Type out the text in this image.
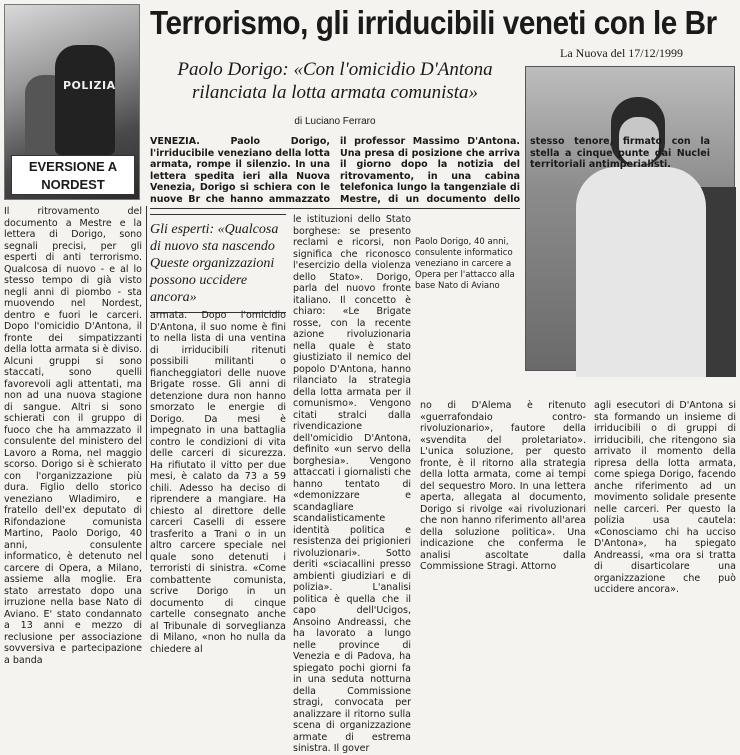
POLIZIA
EVERSIONE A NORDEST
Terrorismo, gli irriducibili veneti con le Br
La Nuova del 17/12/1999
Paolo Dorigo: «Con l'omicidio D'Antona rilanciata la lotta armata comunista»
di Luciano Ferraro
VENEZIA. Paolo Dorigo, l'irriducibile veneziano della lotta armata, rompe il silenzio. In una lettera spedita ieri alla Nuova Venezia, Dorigo si schiera con le nuove Br che hanno ammazzato il professor Massimo D'Antona. Una presa di posizione che arriva il giorno dopo la notizia del ritrovamento, in una cabina telefonica lungo la tangenziale di Mestre, di un documento dello
Il ritrovamento del documento a Mestre e la lettera di Dorigo, sono segnali precisi, per gli esperti di anti terrorismo. Qualcosa di nuovo - e al lo stesso tempo di già visto negli anni di piombo - sta muovendo nel Nordest, dentro e fuori le carceri. Dopo l'omicidio D'Antona, il fronte dei simpatizzanti della lotta armata si è diviso. Alcuni gruppi si sono staccati, sono quelli favorevoli agli attentati, ma non ad una nuova stagione di sangue. Altri si sono schierati con il gruppo di fuoco che ha ammazzato il consulente del ministero del Lavoro a Roma, nel maggio scorso. Dorigo si è schierato con l'organizzazione più dura. Figlio dello storico veneziano Wladimiro, e fratello dell'ex deputato di Rifondazione comunista Martino, Paolo Dorigo, 40 anni, consulente informatico, è detenuto nel carcere di Opera, a Milano, assieme alla moglie. Era stato arrestato dopo una irruzione nella base Nato di Aviano. E' stato condannato a 13 anni e mezzo di reclusione per associazione sovversiva e partecipazione a banda
Gli esperti: «Qualcosa di nuovo sta nascendo Queste organizzazioni possono uccidere ancora»
armata. Dopo l'omicidio D'Antona, il suo nome è fini to nella lista di una ventina di irriducibili ritenuti possibili militanti o fiancheggiatori delle nuove Brigate rosse. Gli anni di detenzione dura non hanno smorzato le energie di Dorigo. Da mesi è impegnato in una battaglia contro le condizioni di vita delle carceri di sicurezza. Ha rifiutato il vitto per due mesi, è calato da 73 a 59 chili. Adesso ha deciso di riprendere a mangiare. Ha chiesto al direttore delle carceri Caselli di essere trasferito a Trani o in un altro carcere speciale nel quale sono detenuti i terroristi di sinistra. «Come combattente comunista, scrive Dorigo in un documento di cinque cartelle consegnato anche al Tribunale di sorveglianza di Milano, «non ho nulla da chiedere al
le istituzioni dello Stato borghese: se presento reclami e ricorsi, non significa che riconosco l'esercizio della violenza dello Stato». Dorigo, parla del nuovo fronte italiano. Il concetto è chiaro: «Le Brigate rosse, con la recente azione rivoluzionaria nella quale è stato giustiziato il nemico del popolo D'Antona, hanno rilanciato la strategia della lotta armata per il comunismo». Vengono citati stralci dalla rivendicazione dell'omicidio D'Antona, definito «un servo della borghesia». Vengono attaccati i giornalisti che hanno tentato di «demonizzare e scandagliare scandalisticamente identità politica e resistenza dei prigionieri rivoluzionari». Sotto deriti «sciacallini presso ambienti giudiziari e di polizia». L'analisi politica è quella che il capo dell'Ucigos, Ansoino Andreassi, che ha lavorato a lungo nelle province di Venezia e di Padova, ha spiegato pochi giorni fa in una seduta notturna della Commissione stragi, convocata per analizzare il ritorno sulla scena di organizzazione armate di estrema sinistra. Il gover
Paolo Dorigo, 40 anni, consulente informatico veneziano in carcere a Opera per l'attacco alla base Nato di Aviano
no di D'Alema è ritenuto «guerrafondaio contro-rivoluzionario», fautore della «svendita del proletariato». L'unica soluzione, per questo fronte, è il ritorno alla strategia della lotta armata, come ai tempi del sequestro Moro. In una lettera aperta, allegata al documento, Dorigo si rivolge «ai rivoluzionari che non hanno riferimento all'area della soluzione politica». Una indicazione che conferma le analisi ascoltate dalla Commissione Stragi. Attorno
agli esecutori di D'Antona si sta formando un insieme di irriducibili o di gruppi di irriducibili, che ritengono sia arrivato il momento della ripresa della lotta armata, come spiega Dorigo, facendo anche riferimento ad un movimento solidale presente nelle carceri. Per questo la polizia usa cautela: «Conosciamo chi ha ucciso D'Antona», ha spiegato Andreassi, «ma ora si tratta di disarticolare una organizzazione che può uccidere ancora».
